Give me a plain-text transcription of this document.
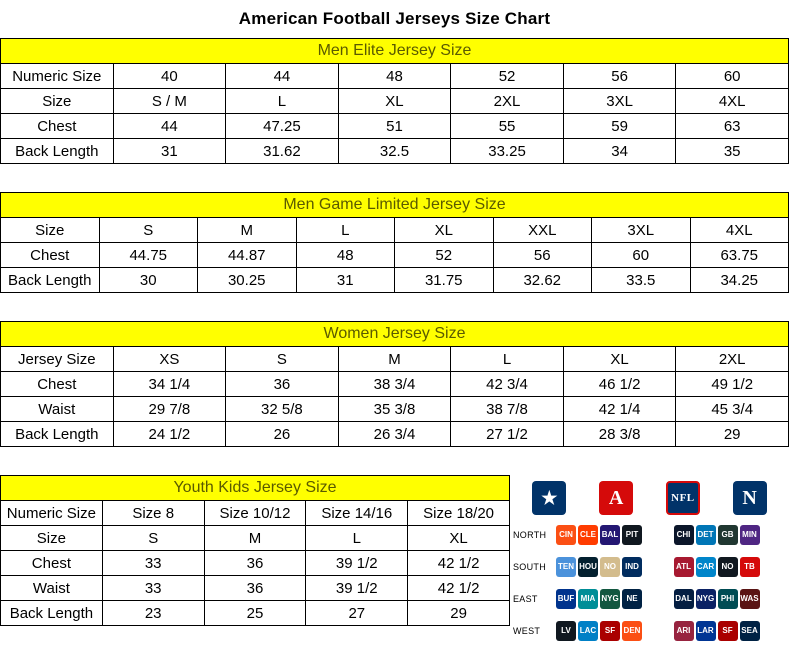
American Football Jerseys Size Chart
Men Elite Jersey Size						
Numeric Size	40	44	48	52	56	60
Size	S / M	L	XL	2XL	3XL	4XL
Chest	44	47.25	51	55	59	63
Back Length	31	31.62	32.5	33.25	34	35
Men Game Limited Jersey Size							
Size	S	M	L	XL	XXL	3XL	4XL
Chest	44.75	44.87	48	52	56	60	63.75
Back Length	30	30.25	31	31.75	32.62	33.5	34.25
Women Jersey Size						
Jersey Size	XS	S	M	L	XL	2XL
Chest	34 1/4	36	38 3/4	42 3/4	46 1/2	49 1/2
Waist	29 7/8	32 5/8	35 3/8	38 7/8	42 1/4	45 3/4
Back Length	24 1/2	26	26 3/4	27 1/2	28 3/8	29
Youth Kids Jersey Size				
Numeric Size	Size 8	Size 10/12	Size 14/16	Size 18/20
Size	S	M	L	XL
Chest	33	36	39 1/2	42 1/2
Waist	33	36	39 1/2	42 1/2
Back Length	23	25	27	29
★	A	NFL	N
NORTH	CIN CLE BAL PIT	CHI DET	GB	MIN
SOUTH	TEN HOU NO	IND	ATL CAR NO	TB
EAST	BUF MIA NYG NE	DAL NYG PHI WAS
WEST	LV	LAC	SF	DEN	ARI LAR	SF	SEA
